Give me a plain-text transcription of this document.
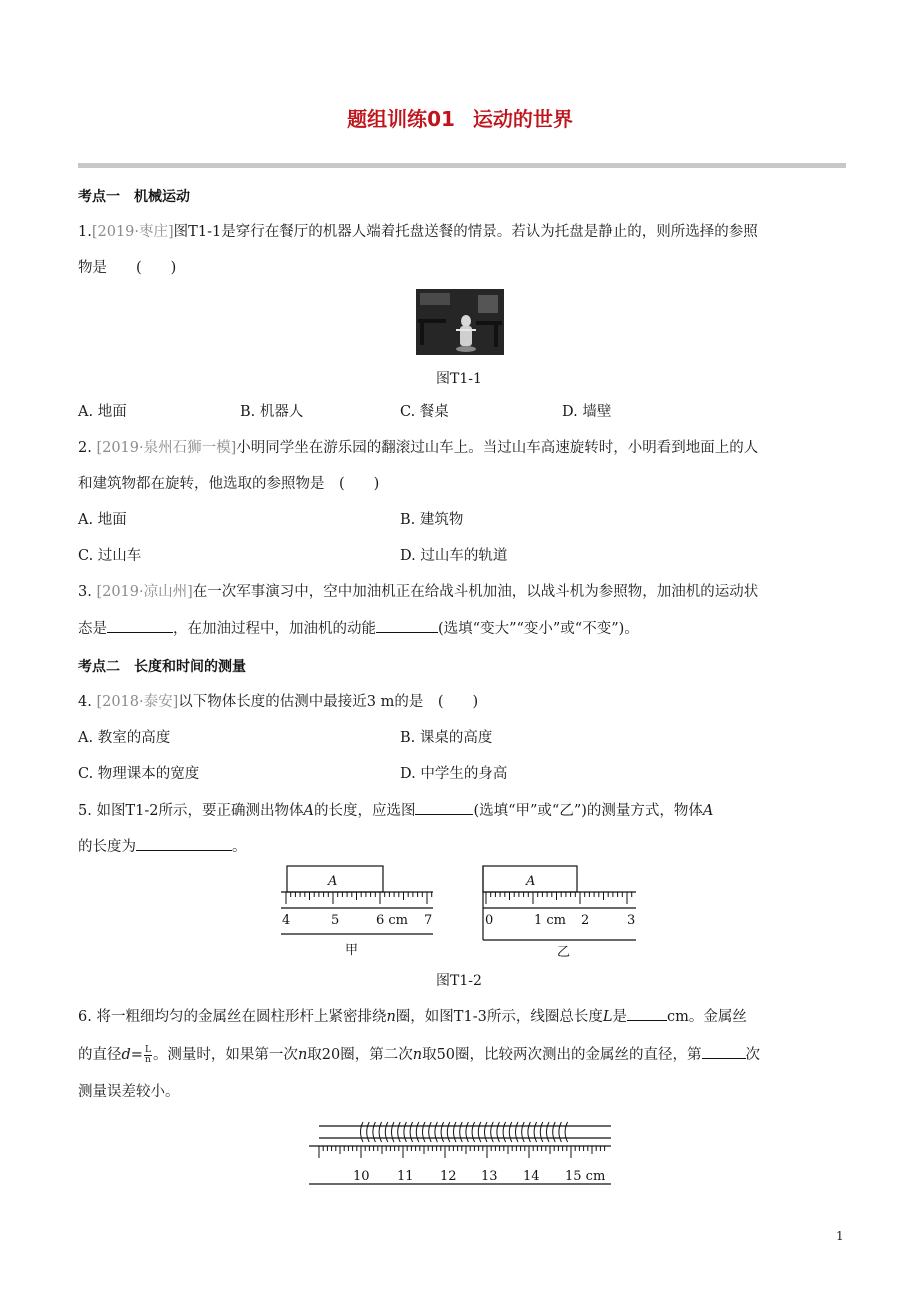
题组训练01 运动的世界
考点一 机械运动
1.[2019·枣庄]图T1-1是穿行在餐厅的机器人端着托盘送餐的情景。若认为托盘是静止的，则所选择的参照
物是　　(　　)
图T1-1
A. 地面	B. 机器人	C. 餐桌	D. 墙壁
2. [2019·泉州石狮一模]小明同学坐在游乐园的翻滚过山车上。当过山车高速旋转时，小明看到地面上的人
和建筑物都在旋转，他选取的参照物是　(　　)
A. 地面	B. 建筑物
C. 过山车	D. 过山车的轨道
3. [2019·凉山州]在一次军事演习中，空中加油机正在给战斗机加油，以战斗机为参照物，加油机的运动状
态是	，在加油过程中，加油机的动能	(选填“变大”“变小”或“不变”)。
考点二 长度和时间的测量
4. [2018·泰安]以下物体长度的估测中最接近3 m的是　(　　)
A. 教室的高度	B. 课桌的高度
C. 物理课本的宽度	D. 中学生的身高
5. 如图T1-2所示，要正确测出物体A的长度，应选图	(选填“甲”或“乙”)的测量方式，物体A
的长度为	。
A
4	5	6 cm 7
甲
A
0	1 cm 2	3
乙
图T1-2
6. 将一粗细均匀的金属丝在圆柱形杆上紧密排绕n圈，如图T1-3所示，线圈总长度L是	cm。金属丝
的直径$d= \frac{L}{n}$ 。测量时，如果第一次n取20圈，第二次n取50圈，比较两次测出的金属丝的直径，第	次
测量误差较小。
10 11 12 13 14 15 cm
1
